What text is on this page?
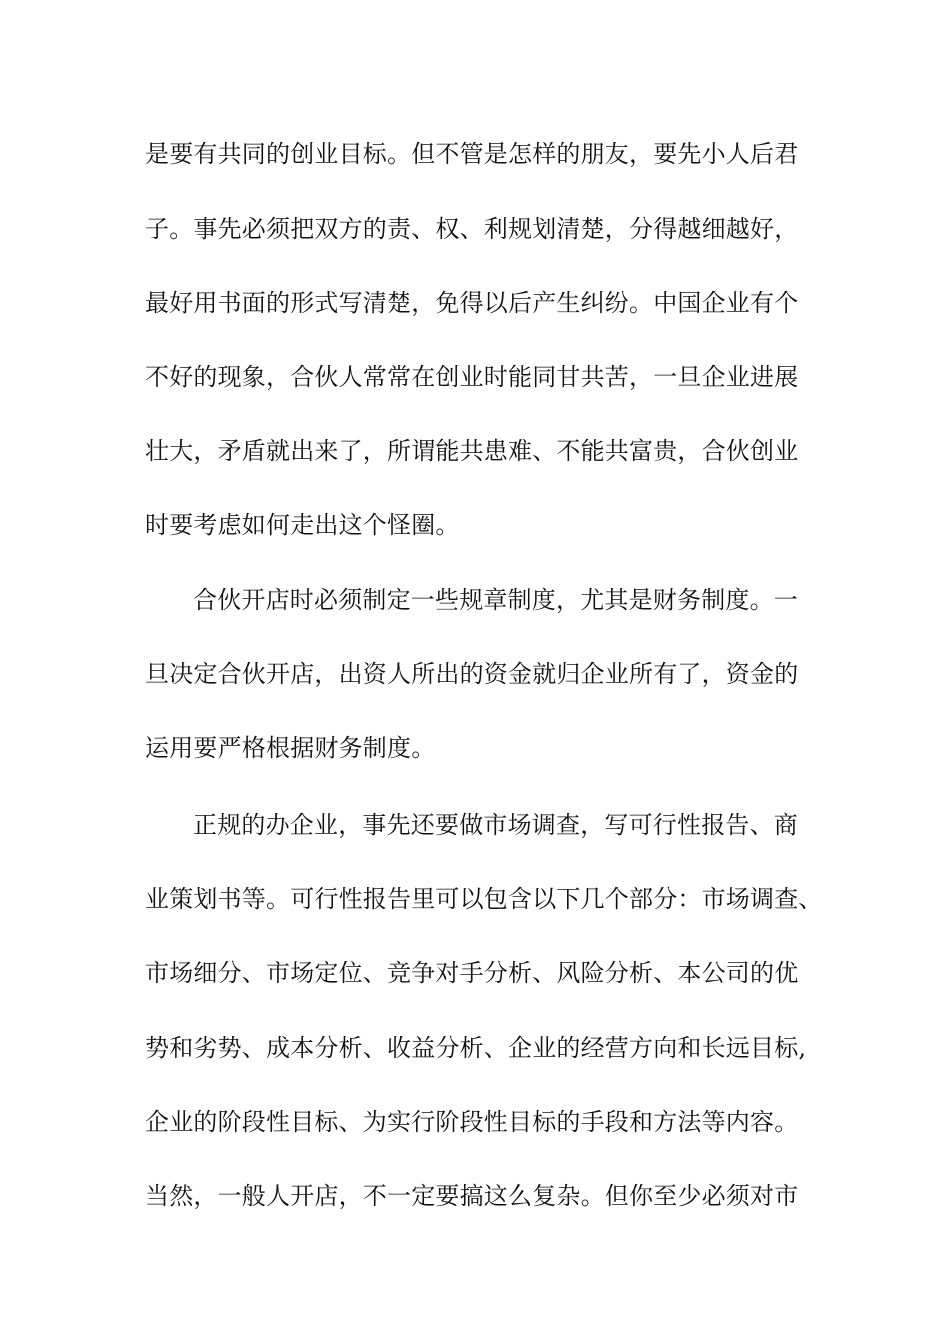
是要有共同的创业目标。但不管是怎样的朋友，要先小人后君
子。事先必须把双方的责、权、利规划清楚，分得越细越好，
最好用书面的形式写清楚，免得以后产生纠纷。中国企业有个
不好的现象，合伙人常常在创业时能同甘共苦，一旦企业进展
壮大，矛盾就出来了，所谓能共患难、不能共富贵，合伙创业
时要考虑如何走出这个怪圈。
合伙开店时必须制定一些规章制度，尤其是财务制度。一
旦决定合伙开店，出资人所出的资金就归企业所有了，资金的
运用要严格根据财务制度。
正规的办企业，事先还要做市场调查，写可行性报告、商
业策划书等。可行性报告里可以包含以下几个部分：市场调查、
市场细分、市场定位、竞争对手分析、风险分析、本公司的优
势和劣势、成本分析、收益分析、企业的经营方向和长远目标,
企业的阶段性目标、为实行阶段性目标的手段和方法等内容。
当然，一般人开店，不一定要搞这么复杂。但你至少必须对市
